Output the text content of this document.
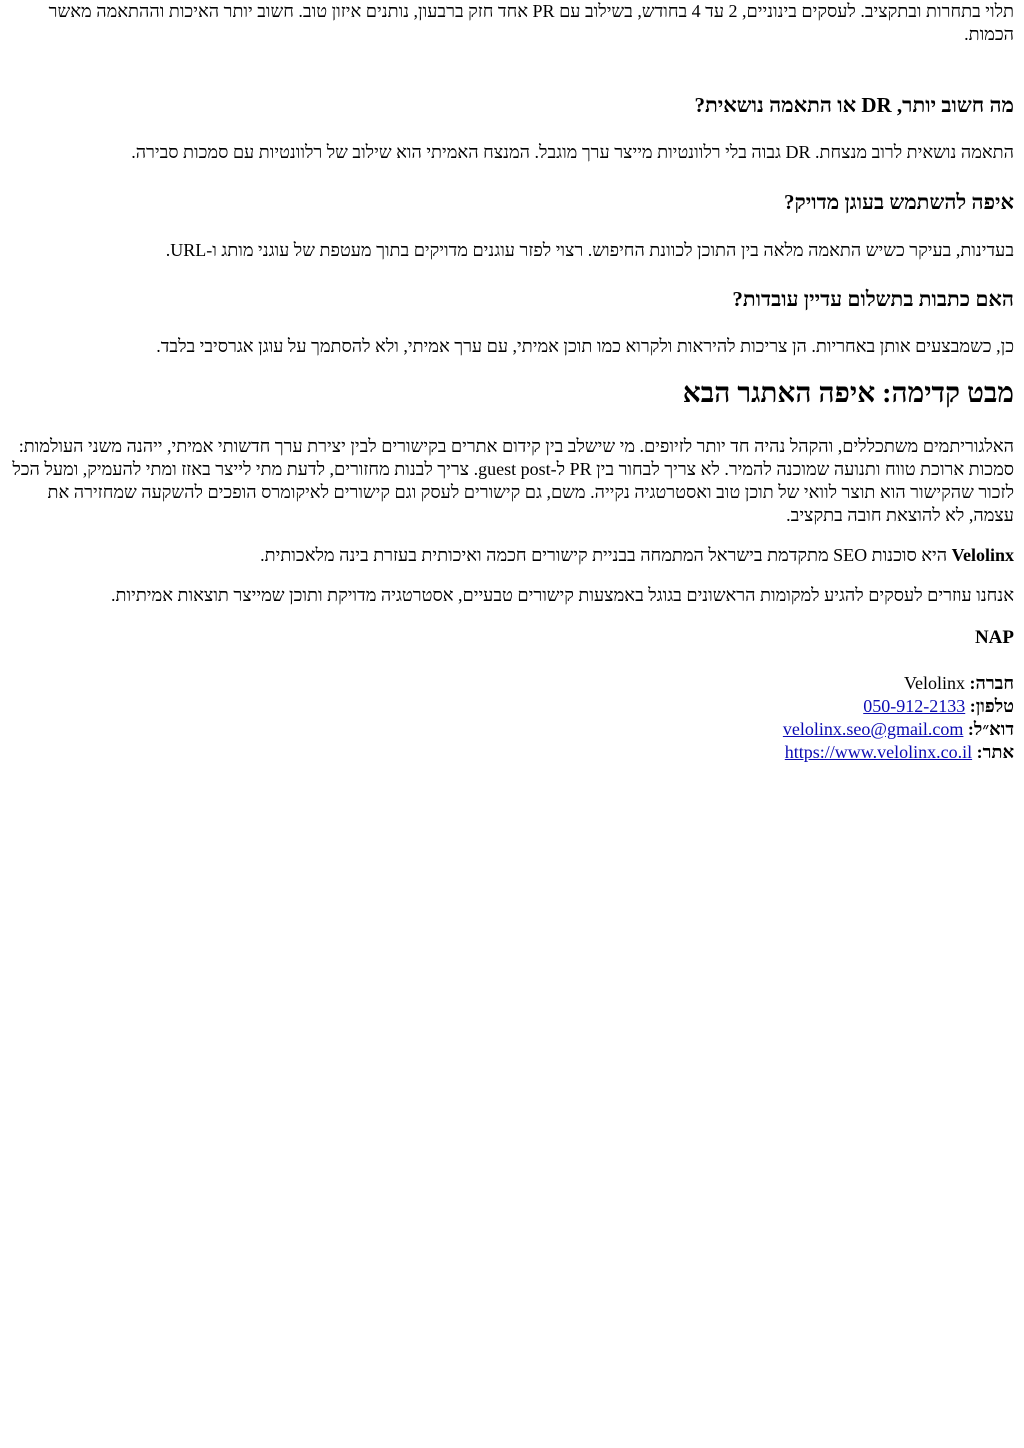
תלוי בתחרות ובתקציב. לעסקים בינוניים, 2 עד 4 בחודש, בשילוב עם PR אחד חזק ברבעון, נותנים איזון טוב. חשוב יותר האיכות וההתאמה מאשר הכמות.

מה חשוב יותר, DR או התאמה נושאית?

התאמה נושאית לרוב מנצחת. DR גבוה בלי רלוונטיות מייצר ערך מוגבל. המנצח האמיתי הוא שילוב של רלוונטיות עם סמכות סבירה.

איפה להשתמש בעוגן מדויק?

בעדינות, בעיקר כשיש התאמה מלאה בין התוכן לכוונת החיפוש. רצוי לפזר עוגנים מדויקים בתוך מעטפת של עוגני מותג ו-URL.

האם כתבות בתשלום עדיין עובדות?

כן, כשמבצעים אותן באחריות. הן צריכות להיראות ולקרוא כמו תוכן אמיתי, עם ערך אמיתי, ולא להסתמך על עוגן אגרסיבי בלבד.

מבט קדימה: איפה האתגר הבא

האלגוריתמים משתכללים, והקהל נהיה חד יותר לזיופים. מי שישלב בין קידום אתרים בקישורים לבין יצירת ערך חדשותי אמיתי, ייהנה משני העולמות: סמכות ארוכת טווח ותנועה שמוכנה להמיר. לא צריך לבחור בין PR ל-guest post. צריך לבנות מחזורים, לדעת מתי לייצר באזז ומתי להעמיק, ומעל הכל לזכור שהקישור הוא תוצר לוואי של תוכן טוב ואסטרטגיה נקייה. משם, גם קישורים לעסק וגם קישורים לאיקומרס הופכים להשקעה שמחזירה את עצמה, לא להוצאת חובה בתקציב.

Velolinx היא סוכנות SEO מתקדמת בישראל המתמחה בבניית קישורים חכמה ואיכותית בעזרת בינה מלאכותית.

אנחנו עוזרים לעסקים להגיע למקומות הראשונים בגוגל באמצעות קישורים טבעיים, אסטרטגיה מדויקת ותוכן שמייצר תוצאות אמיתיות.

NAP

חברה: Velolinx
טלפון: 050-912-2133
דוא״ל: velolinx.seo@gmail.com
אתר: https://www.velolinx.co.il
